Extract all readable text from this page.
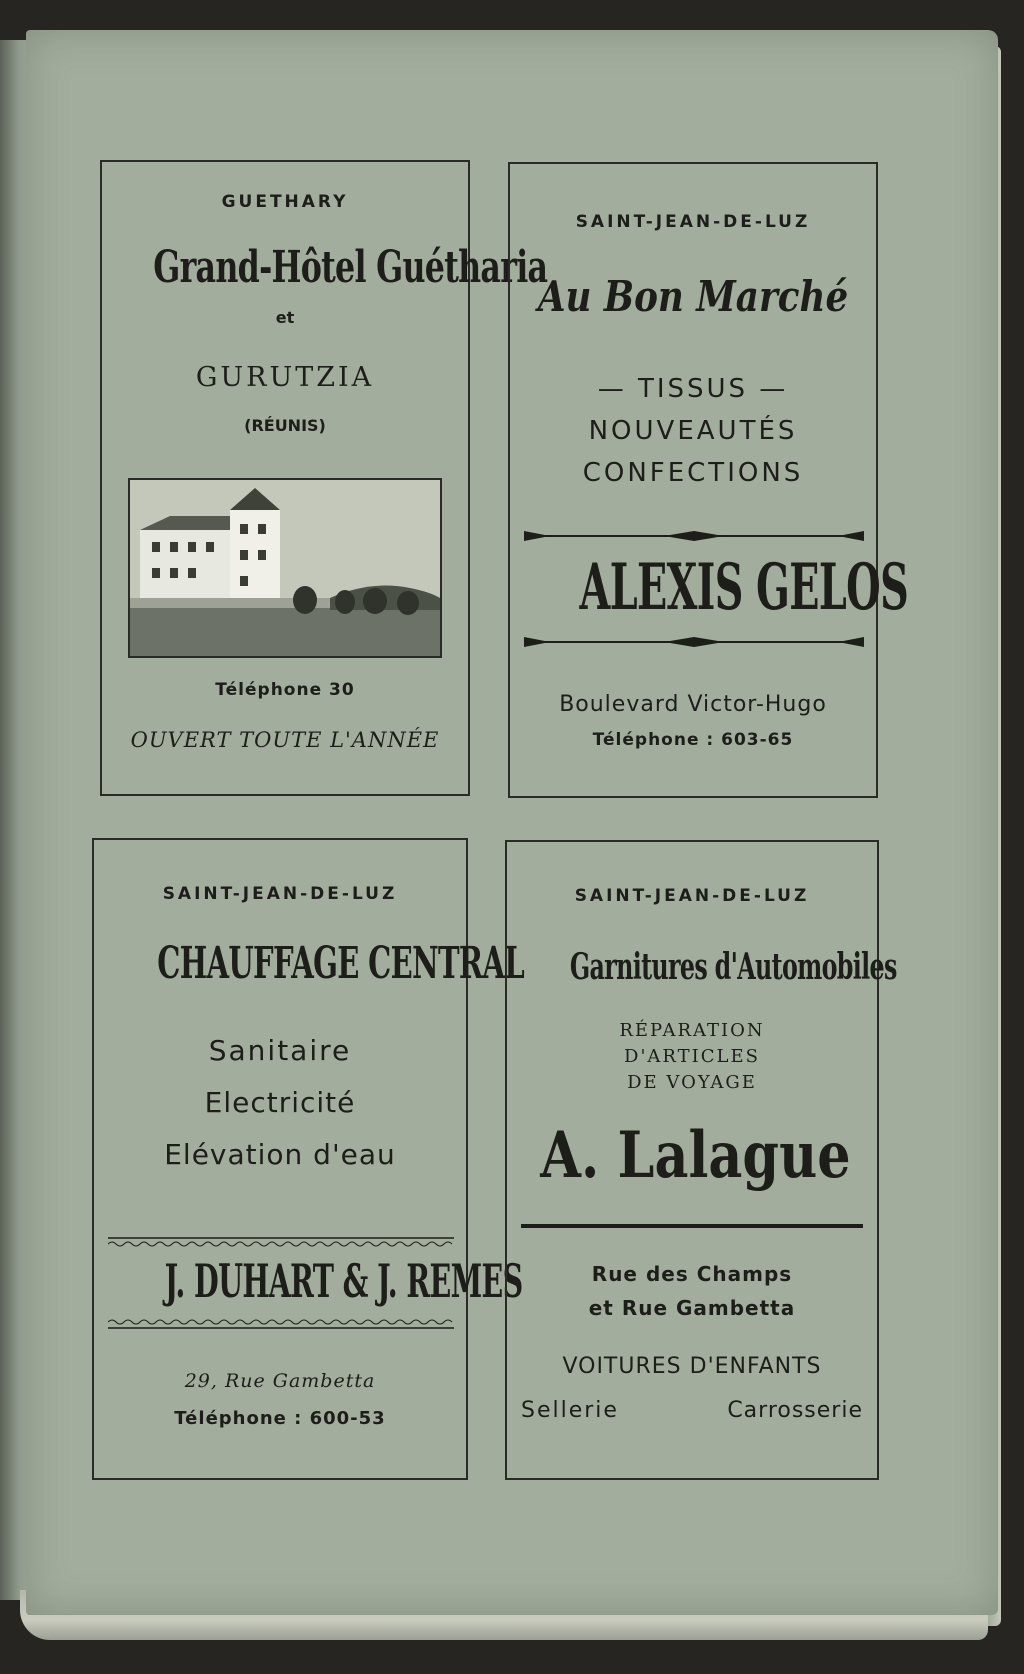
GUETHARY

Grand-Hôtel Guétharia

et

GURUTZIA

(RÉUNIS)

Téléphone 30

OUVERT TOUTE L'ANNÉE

SAINT-JEAN-DE-LUZ

Au Bon Marché

— TISSUS —

NOUVEAUTÉS

CONFECTIONS

ALEXIS GELOS

Boulevard Victor-Hugo

Téléphone : 603-65

SAINT-JEAN-DE-LUZ

CHAUFFAGE CENTRAL

Sanitaire

Electricité

Elévation d'eau

J. DUHART & J. REMES

29, Rue Gambetta

Téléphone : 600-53

SAINT-JEAN-DE-LUZ

Garnitures d'Automobiles

RÉPARATION

D'ARTICLES

DE VOYAGE

A. Lalague

Rue des Champs

et Rue Gambetta

VOITURES D'ENFANTS

Sellerie	Carrosserie
